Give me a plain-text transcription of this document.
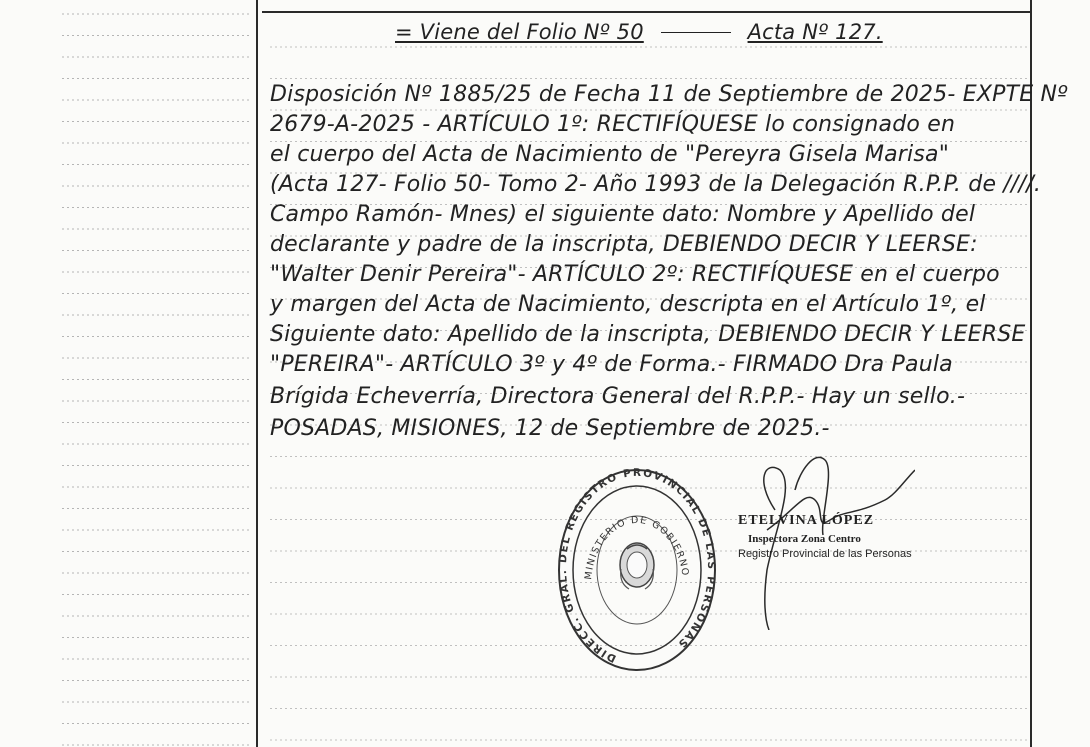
= Viene del Folio Nº 50	Acta Nº 127.
Disposición Nº 1885/25 de Fecha 11 de Septiembre de 2025- EXPTE Nº
2679-A-2025 - ARTÍCULO 1º: RECTIFÍQUESE lo consignado en
el cuerpo del Acta de Nacimiento de "Pereyra Gisela Marisa"
(Acta 127- Folio 50- Tomo 2- Año 1993 de la Delegación R.P.P. de ////.
Campo Ramón- Mnes) el siguiente dato: Nombre y Apellido del
declarante y padre de la inscripta, DEBIENDO DECIR Y LEERSE:
"Walter Denir Pereira"- ARTÍCULO 2º: RECTIFÍQUESE en el cuerpo
y margen del Acta de Nacimiento, descripta en el Artículo 1º, el
Siguiente dato: Apellido de la inscripta, DEBIENDO DECIR Y LEERSE
"PEREIRA"- ARTÍCULO 3º y 4º de Forma.- FIRMADO Dra Paula
Brígida Echeverría, Directora General del R.P.P.- Hay un sello.-
POSADAS, MISIONES, 12 de Septiembre de 2025.-
DIRECC. GRAL. DEL REGISTRO PROVINCIAL DE LAS PERSONAS
MINISTERIO DE GOBIERNO
ETELVINA LÓPEZ
Inspectora Zona Centro
Registro Provincial de las Personas
